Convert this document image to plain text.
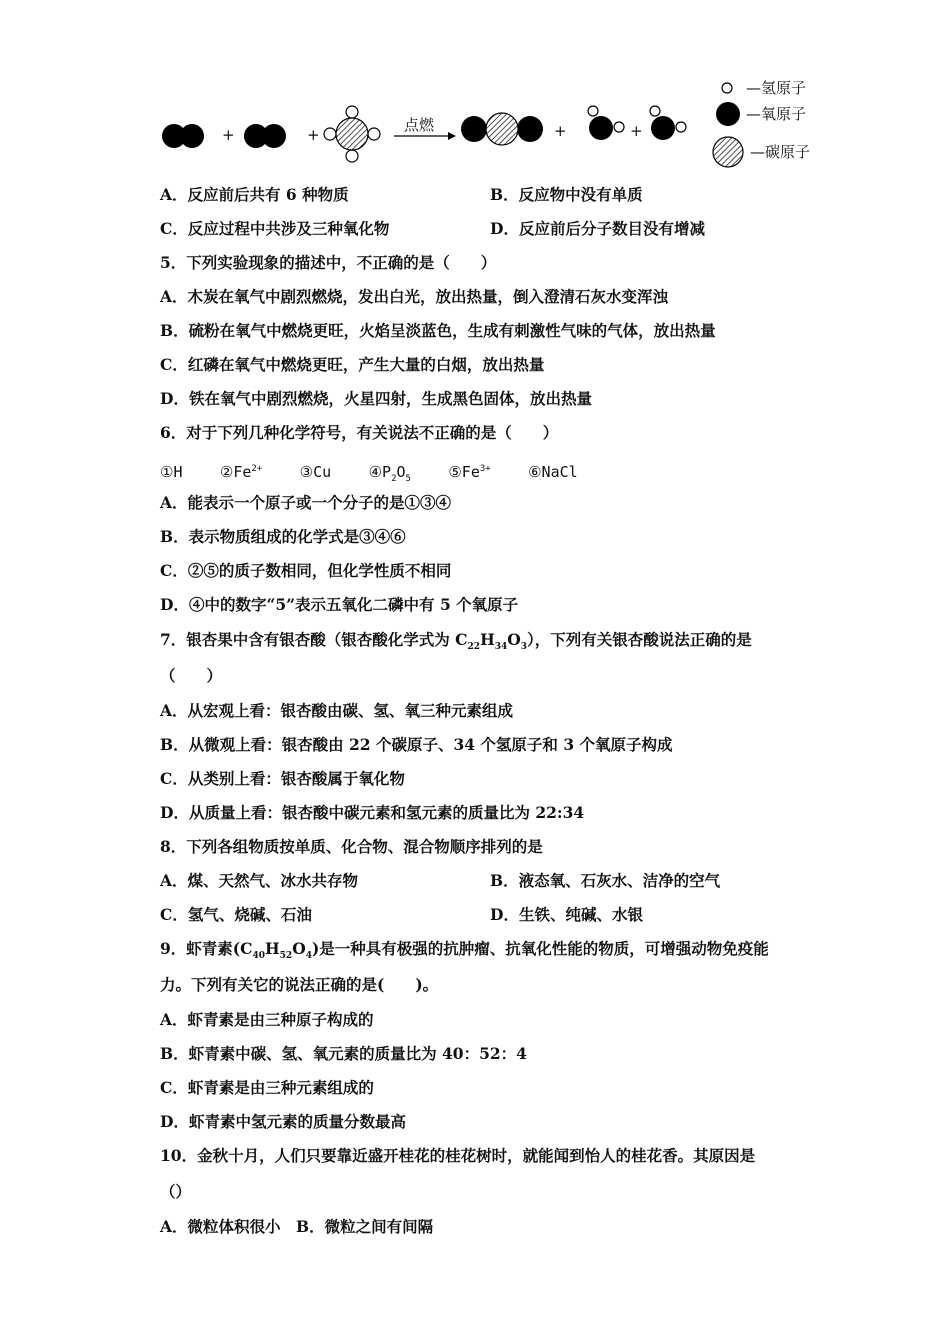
+	+
点燃	+	+
—氢原子
—氧原子
—碳原子
A．反应前后共有 6 种物质	B．反应物中没有单质
C．反应过程中共涉及三种氧化物	D．反应前后分子数目没有增减
5．下列实验现象的描述中，不正确的是（　　）
A．木炭在氧气中剧烈燃烧，发出白光，放出热量，倒入澄清石灰水变浑浊
B．硫粉在氧气中燃烧更旺，火焰呈淡蓝色，生成有刺激性气味的气体，放出热量
C．红磷在氧气中燃烧更旺，产生大量的白烟，放出热量
D．铁在氧气中剧烈燃烧，火星四射，生成黑色固体，放出热量
6．对于下列几种化学符号，有关说法不正确的是（　　）
①H $②Fe^{2+}$ ③Cu $④P_2O_5$ $⑤Fe^{3+}$ ⑥NaCl
A．能表示一个原子或一个分子的是①③④
B．表示物质组成的化学式是③④⑥
C．②⑤的质子数相同，但化学性质不相同
D．④中的数字“5”表示五氧化二磷中有 5 个氧原子
7．银杏果中含有银杏酸（银杏酸化学式为 $C_{22}H_{34}O_3$），下列有关银杏酸说法正确的是
（　　）
A．从宏观上看：银杏酸由碳、氢、氧三种元素组成
B．从微观上看：银杏酸由 22 个碳原子、34 个氢原子和 3 个氧原子构成
C．从类别上看：银杏酸属于氧化物
D．从质量上看：银杏酸中碳元素和氢元素的质量比为 22:34
8．下列各组物质按单质、化合物、混合物顺序排列的是
A．煤、天然气、冰水共存物	B．液态氧、石灰水、洁净的空气
C．氢气、烧碱、石油	D．生铁、纯碱、水银
9．虾青素$(C_{40}H_{52}O_4)$是一种具有极强的抗肿瘤、抗氧化性能的物质，可增强动物免疫能
力。下列有关它的说法正确的是(　　)。
A．虾青素是由三种原子构成的
B．虾青素中碳、氢、氧元素的质量比为 40：52：4
C．虾青素是由三种元素组成的
D．虾青素中氢元素的质量分数最高
10．金秋十月，人们只要靠近盛开桂花的桂花树时，就能闻到怡人的桂花香。其原因是
（）
A．微粒体积很小　B．微粒之间有间隔
